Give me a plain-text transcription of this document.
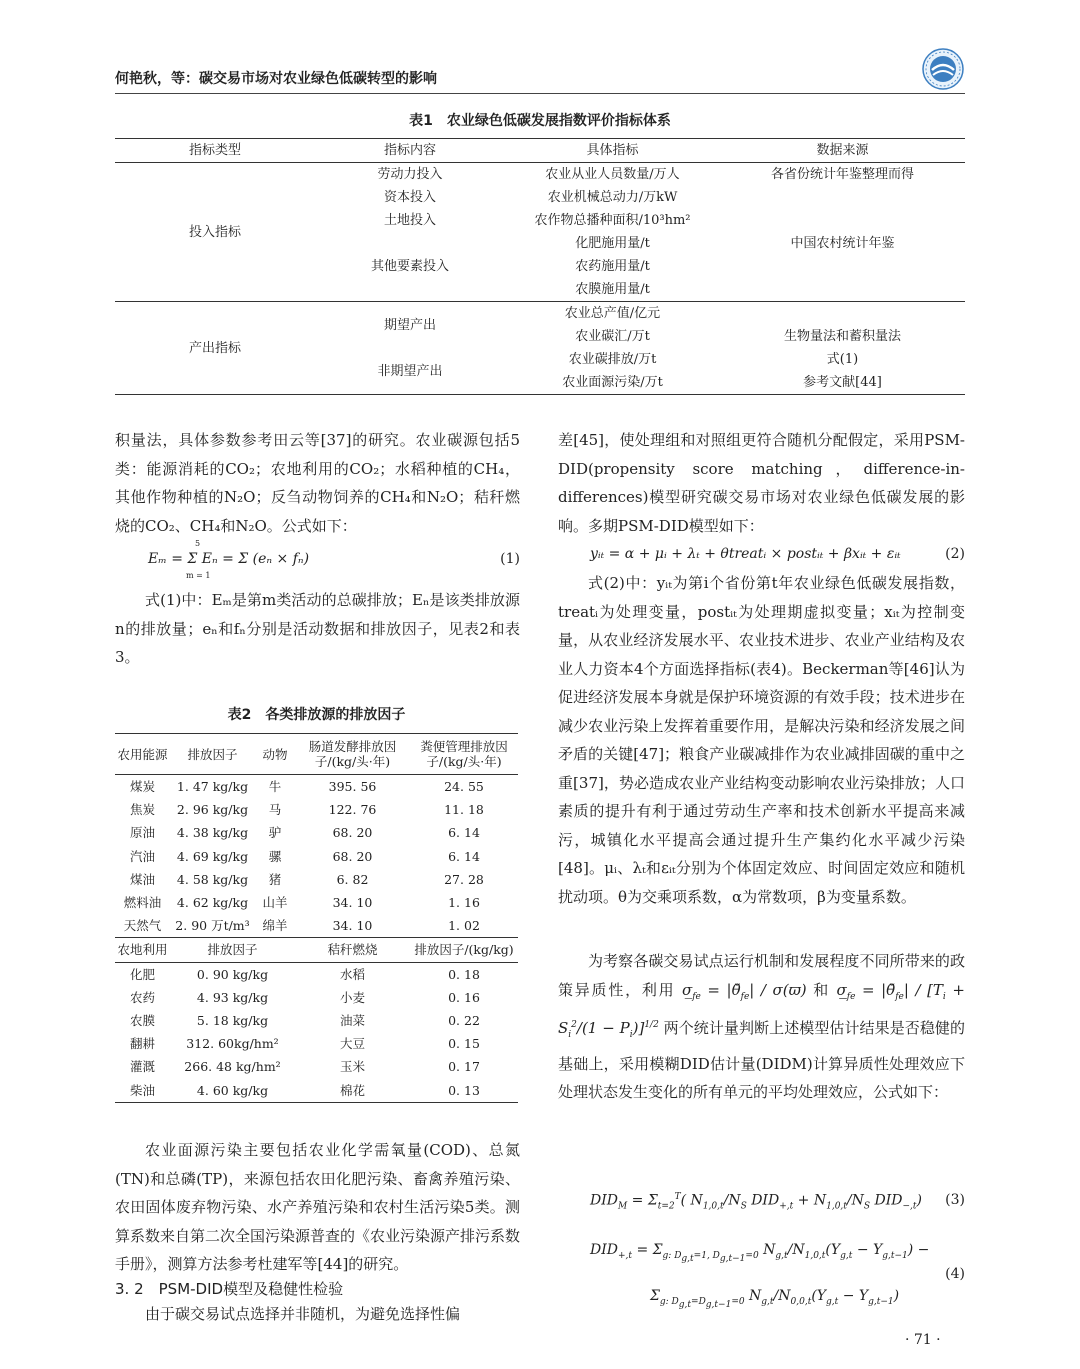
何艳秋，等：碳交易市场对农业绿色低碳转型的影响
表1　农业绿色低碳发展指数评价指标体系
指标类型	指标内容	具体指标	数据来源
投入指标	劳动力投入	农业从业人员数量/万人	各省份统计年鉴整理而得
	资本投入	农业机械总动力/万kW	
	土地投入	农作物总播种面积/10³hm²	
	其他要素投入	化肥施用量/t	中国农村统计年鉴
		农药施用量/t	
		农膜施用量/t	
产出指标	期望产出	农业总产值/亿元	
		农业碳汇/万t	生物量法和蓄积量法
	非期望产出	农业碳排放/万t	式(1)
		农业面源污染/万t	参考文献[44]

积量法，具体参数参考田云等[37]的研究。农业碳源包括5类：能源消耗的CO₂；农地利用的CO₂；水稻种植的CH₄，其他作物种植的N₂O；反刍动物饲养的CH₄和N₂O；秸秆燃烧的CO₂、CH₄和N₂O。公式如下：

Eₘ = Σ Eₙ = Σ (eₙ × fₙ)
5
m = 1
(1)

式(1)中：Eₘ是第m类活动的总碳排放；Eₙ是该类排放源n的排放量；eₙ和fₙ分别是活动数据和排放因子，见表2和表3。

表2　各类排放源的排放因子
农用能源	排放因子	动物	肠道发酵排放因子/(kg/头·年)	粪便管理排放因子/(kg/头·年)
煤炭	1. 47 kg/kg	牛	395. 56	24. 55
焦炭	2. 96 kg/kg	马	122. 76	11. 18
原油	4. 38 kg/kg	驴	68. 20	6. 14
汽油	4. 69 kg/kg	骡	68. 20	6. 14
煤油	4. 58 kg/kg	猪	6. 82	27. 28
燃料油	4. 62 kg/kg	山羊	34. 10	1. 16
天然气	2. 90 万t/m³	绵羊	34. 10	1. 02
农地利用	排放因子		秸秆燃烧	排放因子/(kg/kg)
化肥	0. 90 kg/kg		水稻	0. 18
农药	4. 93 kg/kg		小麦	0. 16
农膜	5. 18 kg/kg		油菜	0. 22
翻耕	312. 60kg/hm²		大豆	0. 15
灌溉	266. 48 kg/hm²		玉米	0. 17
柴油	4. 60 kg/kg		棉花	0. 13

农业面源污染主要包括农业化学需氧量(COD)、总氮(TN)和总磷(TP)，来源包括农田化肥污染、畜禽养殖污染、农田固体废弃物污染、水产养殖污染和农村生活污染5类。测算系数来自第二次全国污染源普查的《农业污染源产排污系数手册》，测算方法参考杜建军等[44]的研究。

3. 2　PSM-DID模型及稳健性检验

由于碳交易试点选择并非随机，为避免选择性偏

差[45]，使处理组和对照组更符合随机分配假定，采用PSM-DID(propensity score matching，difference-in-differences)模型研究碳交易市场对农业绿色低碳发展的影响。多期PSM-DID模型如下：

yᵢₜ = α + μᵢ + λₜ + θtreatᵢ × postᵢₜ + βxᵢₜ + εᵢₜ	(2)

式(2)中：yᵢₜ为第i个省份第t年农业绿色低碳发展指数，treatᵢ为处理变量，postᵢₜ为处理期虚拟变量；xᵢₜ为控制变量，从农业经济发展水平、农业技术进步、农业产业结构及农业人力资本4个方面选择指标(表4)。Beckerman等[46]认为促进经济发展本身就是保护环境资源的有效手段；技术进步在减少农业污染上发挥着重要作用，是解决污染和经济发展之间矛盾的关键[47]；粮食产业碳减排作为农业减排固碳的重中之重[37]，势必造成农业产业结构变动影响农业污染排放；人口素质的提升有利于通过劳动生产率和技术创新水平提高来减污，城镇化水平提高会通过提升生产集约化水平减少污染[48]。μᵢ、λₜ和εᵢₜ分别为个体固定效应、时间固定效应和随机扰动项。θ为交乘项系数，α为常数项，β为变量系数。

为考察各碳交易试点运行机制和发展程度不同所带来的政策异质性，利用 $\sigma̲_{fe}$ = $|\thetă_{fe}| / \sigma(ϖ)$ 和 $\sigma̲̲_{fe}$ = $|\thetă_{fe}| / [T_i + S_i^2/(1 - P_i)]^{1/2}$ 两个统计量判断上述模型估计结果是否稳健的基础上，采用模糊DID估计量(DIDM)计算异质性处理效应下处理状态发生变化的所有单元的平均处理效应，公式如下：

$DID_M = \Sigma_{t=2}^T$( $N_{1,0,t}/N_S$ $DID_{+,t} + N_{1,0,t}/N_S$ $DID_{-,t}$) (3)
$DID_{+,t} = \Sigma_{g: D_{g,t}=1, D_{g,t-1}=0}$ $N_{g,t}/N_{1,0,t}(Y_{g,t} - Y_{g,t-1})$ −
$\Sigma_{g: D_{g,t}=D_{g,t-1}=0}$ $N_{g,t}/N_{0,0,t}(Y_{g,t} - Y_{g,t-1})$
(4)
· 71 ·
